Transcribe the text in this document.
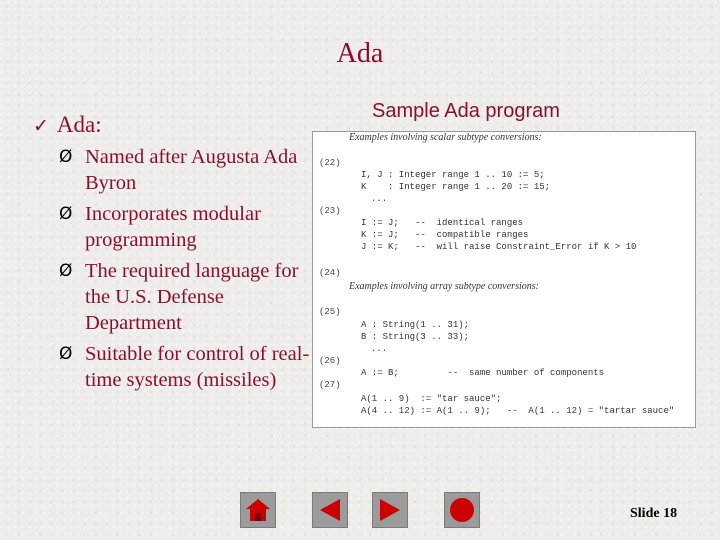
Ada
✓ Ada:
Ø Named after Augusta Ada Byron
Ø Incorporates modular programming
Ø The required language for the U.S. Defense Department
Ø Suitable for control of real-time systems (missiles)
Sample Ada program
Examples involving scalar subtype conversions:
(22)
I, J : Integer range 1 .. 10 := 5;
K    : Integer range 1 .. 20 := 15;
...
(23)
I := J;   --  identical ranges
K := J;   --  compatible ranges
J := K;   --  will raise Constraint_Error if K > 10
(24)
Examples involving array subtype conversions:
(25)
A : String(1 .. 31);
B : String(3 .. 33);
...
(26)
A := B;         --  same number of components
(27)
A(1 .. 9)  := "tar sauce";
A(4 .. 12) := A(1 .. 9);   --  A(1 .. 12) = "tartar sauce"
Slide 18
